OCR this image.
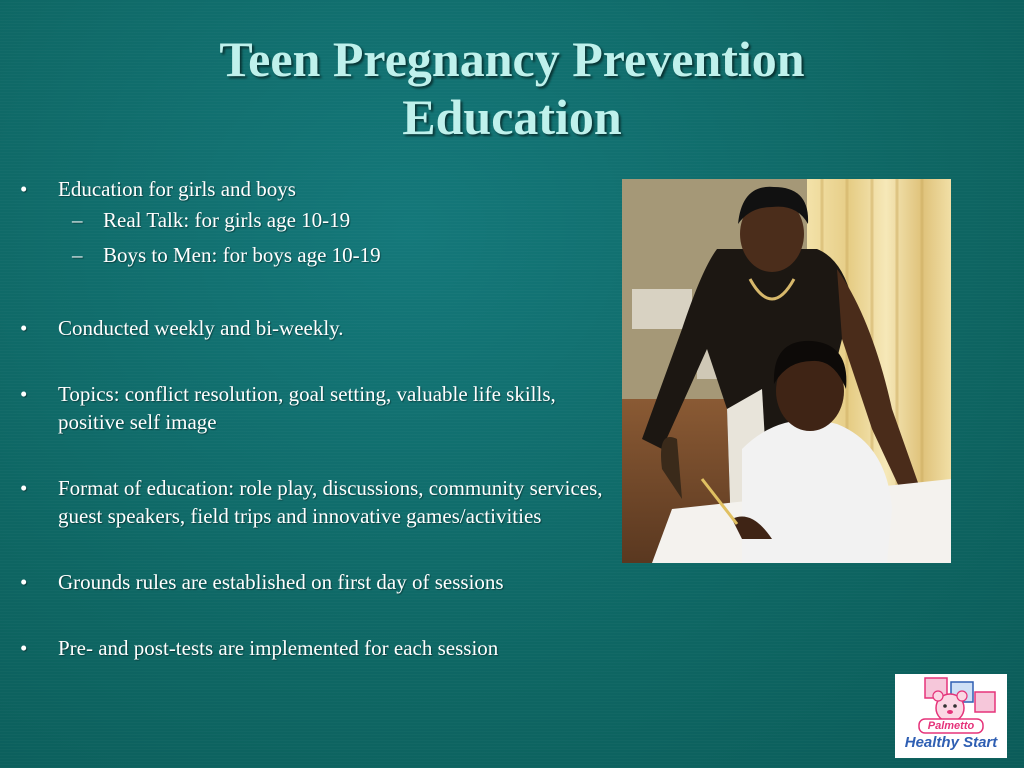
Teen Pregnancy Prevention
Education
• Education for girls and boys
– Real Talk: for girls age 10-19
– Boys to Men: for boys age 10-19
• Conducted weekly and bi-weekly.
• Topics: conflict resolution, goal setting, valuable life skills, positive self image
• Format of education: role play, discussions, community services, guest speakers, field trips and innovative games/activities
• Grounds rules are established on first day of sessions
• Pre- and post-tests are implemented for each session
Palmetto
Healthy Start
